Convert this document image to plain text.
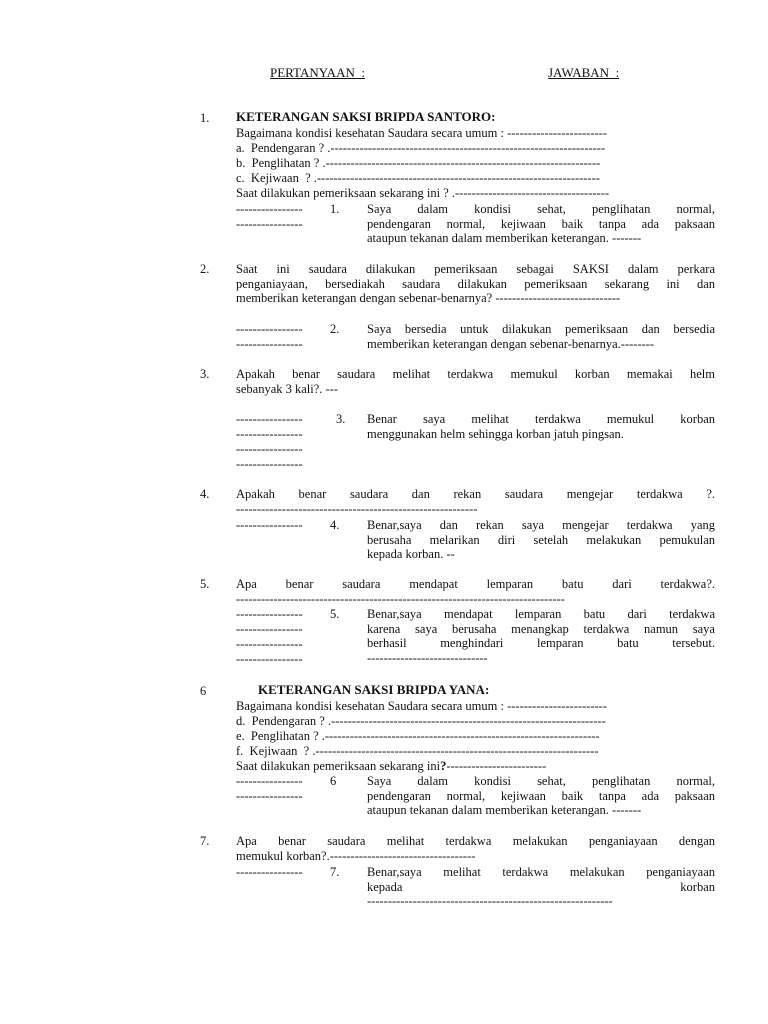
PERTANYAAN  :	JAWABAN  :
1. KETERANGAN SAKSI BRIPDA SANTORO:
Bagaimana kondisi kesehatan Saudara secara umum : ------------------------
a.  Pendengaran ? .------------------------------------------------------------------
b.  Penglihatan ? .------------------------------------------------------------------
c.  Kejiwaan  ? .--------------------------------------------------------------------
Saat dilakukan pemeriksaan sekarang ini ? .-------------------------------------
----------------
----------------
1. Saya dalam kondisi sehat, penglihatan normal,
pendengaran normal, kejiwaan baik tanpa ada paksaan
ataupun tekanan dalam memberikan keterangan. -------
2. Saat ini saudara dilakukan pemeriksaan sebagai SAKSI dalam perkara
penganiayaan, bersediakah saudara dilakukan pemeriksaan sekarang ini dan
memberikan keterangan dengan sebenar-benarnya? ------------------------------
----------------
----------------
2. Saya bersedia untuk dilakukan pemeriksaan dan bersedia
memberikan keterangan dengan sebenar-benarnya.--------
3. Apakah benar saudara melihat terdakwa memukul korban memakai helm
sebanyak 3 kali?. ---
----------------
----------------
----------------
----------------
3. Benar saya melihat terdakwa memukul korban
menggunakan helm sehingga korban jatuh pingsan.
4. Apakah benar saudara dan rekan saudara mengejar terdakwa ?.
----------------------------------------------------------
---------------- 4. Benar,saya dan rekan saya mengejar terdakwa yang
berusaha melarikan diri setelah melakukan pemukulan
kepada korban. --
5. Apa benar saudara mendapat lemparan batu dari terdakwa?.
-------------------------------------------------------------------------------
----------------
----------------
----------------
----------------
5. Benar,saya mendapat lemparan batu dari terdakwa
karena saya berusaha menangkap terdakwa namun saya
berhasil menghindari lemparan batu tersebut.
-----------------------------
6	KETERANGAN SAKSI BRIPDA YANA:
Bagaimana kondisi kesehatan Saudara secara umum : ------------------------
d.  Pendengaran ? .------------------------------------------------------------------
e.  Penglihatan ? .------------------------------------------------------------------
f.  Kejiwaan  ? .--------------------------------------------------------------------
Saat dilakukan pemeriksaan sekarang ini?------------------------
----------------
----------------
6 Saya dalam kondisi sehat, penglihatan normal,
pendengaran normal, kejiwaan baik tanpa ada paksaan
ataupun tekanan dalam memberikan keterangan. -------
7. Apa benar saudara melihat terdakwa melakukan penganiayaan dengan
memukul korban?.-----------------------------------
---------------- 7. Benar,saya melihat terdakwa melakukan penganiayaan
kepada korban
-----------------------------------------------------------
